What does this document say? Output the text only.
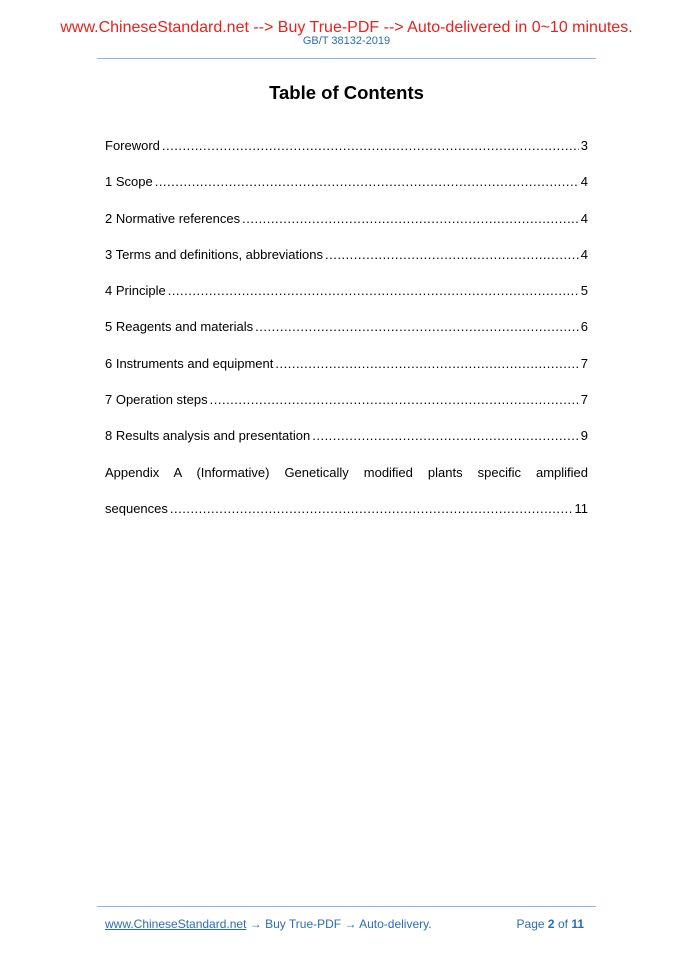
www.ChineseStandard.net --> Buy True-PDF --> Auto-delivered in 0~10 minutes.
GB/T 38132-2019
Table of Contents
Foreword .....	3
1 Scope .....	4
2 Normative references .....	4
3 Terms and definitions, abbreviations .....	4
4 Principle .....	5
5 Reagents and materials .....	6
6 Instruments and equipment .....	7
7 Operation steps .....	7
8 Results analysis and presentation .....	9
Appendix A (Informative) Genetically modified plants specific amplified
sequences .....	11
www.ChineseStandard.net → Buy True-PDF → Auto-delivery.	Page 2 of 11
